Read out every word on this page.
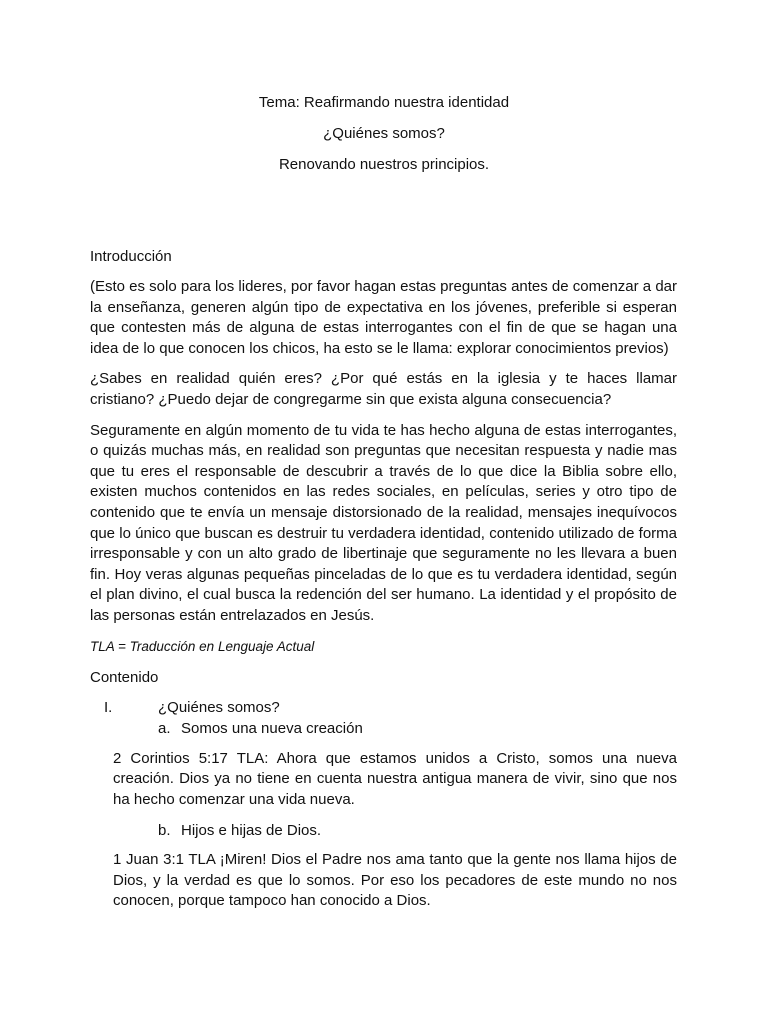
Tema: Reafirmando nuestra identidad

¿Quiénes somos?

Renovando nuestros principios.

Introducción

(Esto es solo para los lideres, por favor hagan estas preguntas antes de comenzar a dar la enseñanza, generen algún tipo de expectativa en los jóvenes, preferible si esperan que contesten más de alguna de estas interrogantes con el fin de que se hagan una idea de lo que conocen los chicos, ha esto se le llama: explorar conocimientos previos)

¿Sabes en realidad quién eres? ¿Por qué estás en la iglesia y te haces llamar cristiano? ¿Puedo dejar de congregarme sin que exista alguna consecuencia?

Seguramente en algún momento de tu vida te has hecho alguna de estas interrogantes, o quizás muchas más, en realidad son preguntas que necesitan respuesta y nadie mas que tu eres el responsable de descubrir a través de lo que dice la Biblia sobre ello, existen muchos contenidos en las redes sociales, en películas, series y otro tipo de contenido que te envía un mensaje distorsionado de la realidad, mensajes inequívocos que lo único que buscan es destruir tu verdadera identidad, contenido utilizado de forma irresponsable y con un alto grado de libertinaje que seguramente no les llevara a buen fin. Hoy veras algunas pequeñas pinceladas de lo que es tu verdadera identidad, según el plan divino, el cual busca la redención del ser humano. La identidad y el propósito de las personas están entrelazados en Jesús.

TLA = Traducción en Lenguaje Actual

Contenido

I.	¿Quiénes somos?
a. Somos una nueva creación

2 Corintios 5:17 TLA: Ahora que estamos unidos a Cristo, somos una nueva creación. Dios ya no tiene en cuenta nuestra antigua manera de vivir, sino que nos ha hecho comenzar una vida nueva.

b. Hijos e hijas de Dios.

1 Juan 3:1 TLA ¡Miren! Dios el Padre nos ama tanto que la gente nos llama hijos de Dios, y la verdad es que lo somos. Por eso los pecadores de este mundo no nos conocen, porque tampoco han conocido a Dios.
